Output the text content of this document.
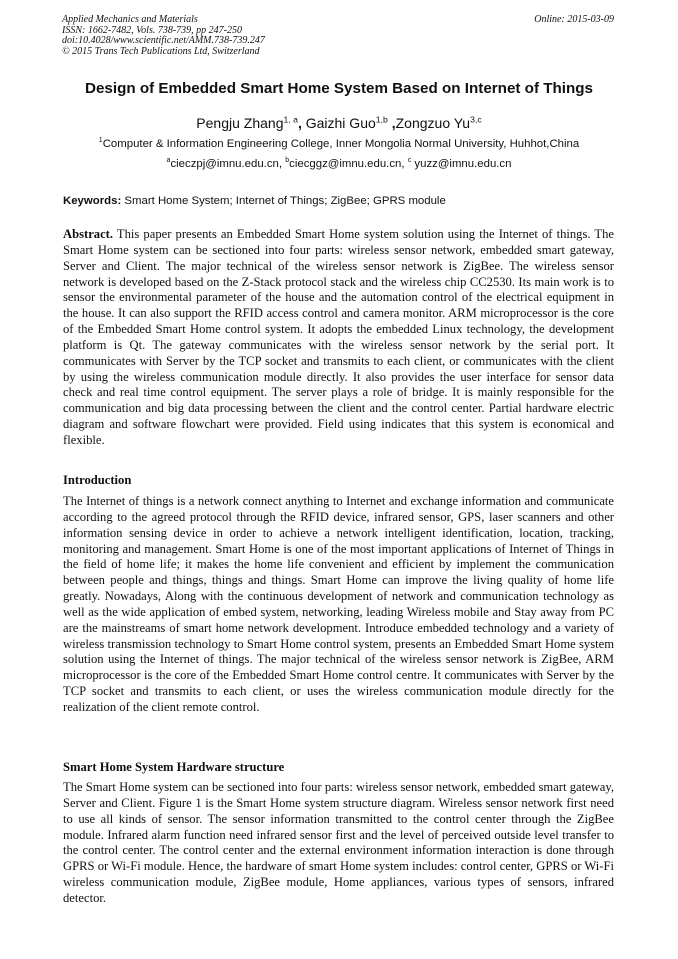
Applied Mechanics and Materials
ISSN: 1662-7482, Vols. 738-739, pp 247-250
doi:10.4028/www.scientific.net/AMM.738-739.247
© 2015 Trans Tech Publications Ltd, Switzerland
Online: 2015-03-09
Design of Embedded Smart Home System Based on Internet of Things
Pengju Zhang$^{1, a}$, Gaizhi Guo$^{1,b}$ ,Zongzuo Yu$^{3,c}$
$^1$Computer & Information Engineering College, Inner Mongolia Normal University, Huhhot,China
$^a$cieczpj@imnu.edu.cn, $^b$ciecggz@imnu.edu.cn, $^c$ yuzz@imnu.edu.cn
Keywords: Smart Home System; Internet of Things; ZigBee; GPRS module
Abstract. This paper presents an Embedded Smart Home system solution using the Internet of things. The Smart Home system can be sectioned into four parts: wireless sensor network, embedded smart gateway, Server and Client. The major technical of the wireless sensor network is ZigBee. The wireless sensor network is developed based on the Z-Stack protocol stack and the wireless chip CC2530. Its main work is to sensor the environmental parameter of the house and the automation control of the electrical equipment in the house. It can also support the RFID access control and camera monitor. ARM microprocessor is the core of the Embedded Smart Home control system. It adopts the embedded Linux technology, the development platform is Qt. The gateway communicates with the wireless sensor network by the serial port. It communicates with Server by the TCP socket and transmits to each client, or communicates with the client by using the wireless communication module directly. It also provides the user interface for sensor data check and real time control equipment. The server plays a role of bridge. It is mainly responsible for the communication and big data processing between the client and the control center. Partial hardware electric diagram and software flowchart were provided. Field using indicates that this system is economical and flexible.
Introduction
The Internet of things is a network connect anything to Internet and exchange information and communicate according to the agreed protocol through the RFID device, infrared sensor, GPS, laser scanners and other information sensing device in order to achieve a network intelligent identification, location, tracking, monitoring and management. Smart Home is one of the most important applications of Internet of Things in the field of home life; it makes the home life convenient and efficient by implement the communication between people and things, things and things. Smart Home can improve the living quality of home life greatly. Nowadays, Along with the continuous development of network and communication technology as well as the wide application of embed system, networking, leading Wireless mobile and Stay away from PC are the mainstreams of smart home network development. Introduce embedded technology and a variety of wireless transmission technology to Smart Home control system, presents an Embedded Smart Home system solution using the Internet of things. The major technical of the wireless sensor network is ZigBee, ARM microprocessor is the core of the Embedded Smart Home control centre. It communicates with Server by the TCP socket and transmits to each client, or uses the wireless communication module directly for the realization of the client remote control.
Smart Home System Hardware structure
The Smart Home system can be sectioned into four parts: wireless sensor network, embedded smart gateway, Server and Client. Figure 1 is the Smart Home system structure diagram. Wireless sensor network first need to use all kinds of sensor. The sensor information transmitted to the control center through the ZigBee module. Infrared alarm function need infrared sensor first and the level of perceived outside level transfer to the control center. The control center and the external environment information interaction is done through GPRS or Wi-Fi module. Hence, the hardware of smart Home system includes: control center, GPRS or Wi-Fi wireless communication module, ZigBee module, Home appliances, various types of sensors, infrared detector.
